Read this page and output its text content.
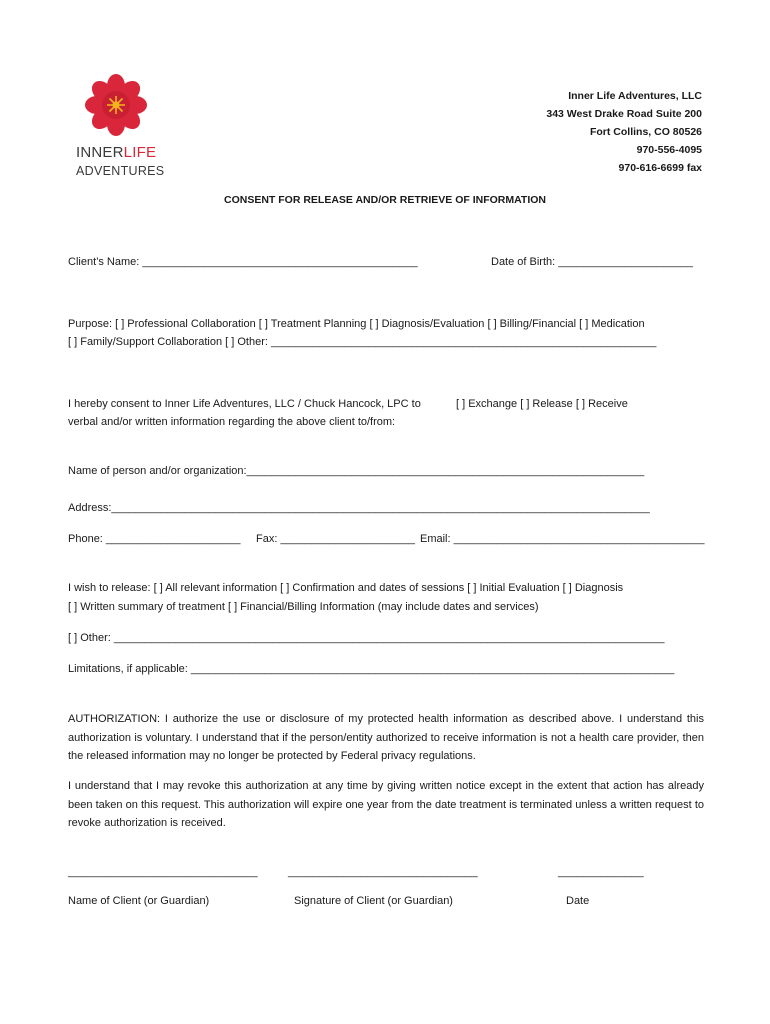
INNERLIFE
ADVENTURES
Inner Life Adventures, LLC
343 West Drake Road Suite 200
Fort Collins, CO 80526
970-556-4095
970-616-6699 fax
CONSENT FOR RELEASE AND/OR RETRIEVE OF INFORMATION
Client’s Name: _____________________________________________	Date of Birth: ______________________
Purpose: [ ] Professional Collaboration [ ] Treatment Planning [ ] Diagnosis/Evaluation [ ] Billing/Financial [ ] Medication
[ ] Family/Support Collaboration [ ] Other: _______________________________________________________________
I hereby consent to Inner Life Adventures, LLC / Chuck Hancock, LPC to
verbal and/or written information regarding the above client to/from:
[ ] Exchange [ ] Release [ ] Receive
Name of person and/or organization:_________________________________________________________________
Address:________________________________________________________________________________________
Phone: ______________________ Fax: ______________________ Email: _________________________________________
I wish to release: [ ] All relevant information [ ] Confirmation and dates of sessions [ ] Initial Evaluation [ ] Diagnosis
[ ] Written summary of treatment [ ] Financial/Billing Information (may include dates and services)
[ ] Other: __________________________________________________________________________________________
Limitations, if applicable: _______________________________________________________________________________
AUTHORIZATION: I authorize the use or disclosure of my protected health information as described above. I understand this authorization is voluntary. I understand that if the person/entity authorized to receive information is not a health care provider, then the released information may no longer be protected by Federal privacy regulations.
I understand that I may revoke this authorization at any time by giving written notice except in the extent that action has already been taken on this request. This authorization will expire one year from the date treatment is terminated unless a written request to revoke authorization is received.
_______________________________	_______________________________	______________
Name of Client (or Guardian)	Signature of Client (or Guardian)	Date
